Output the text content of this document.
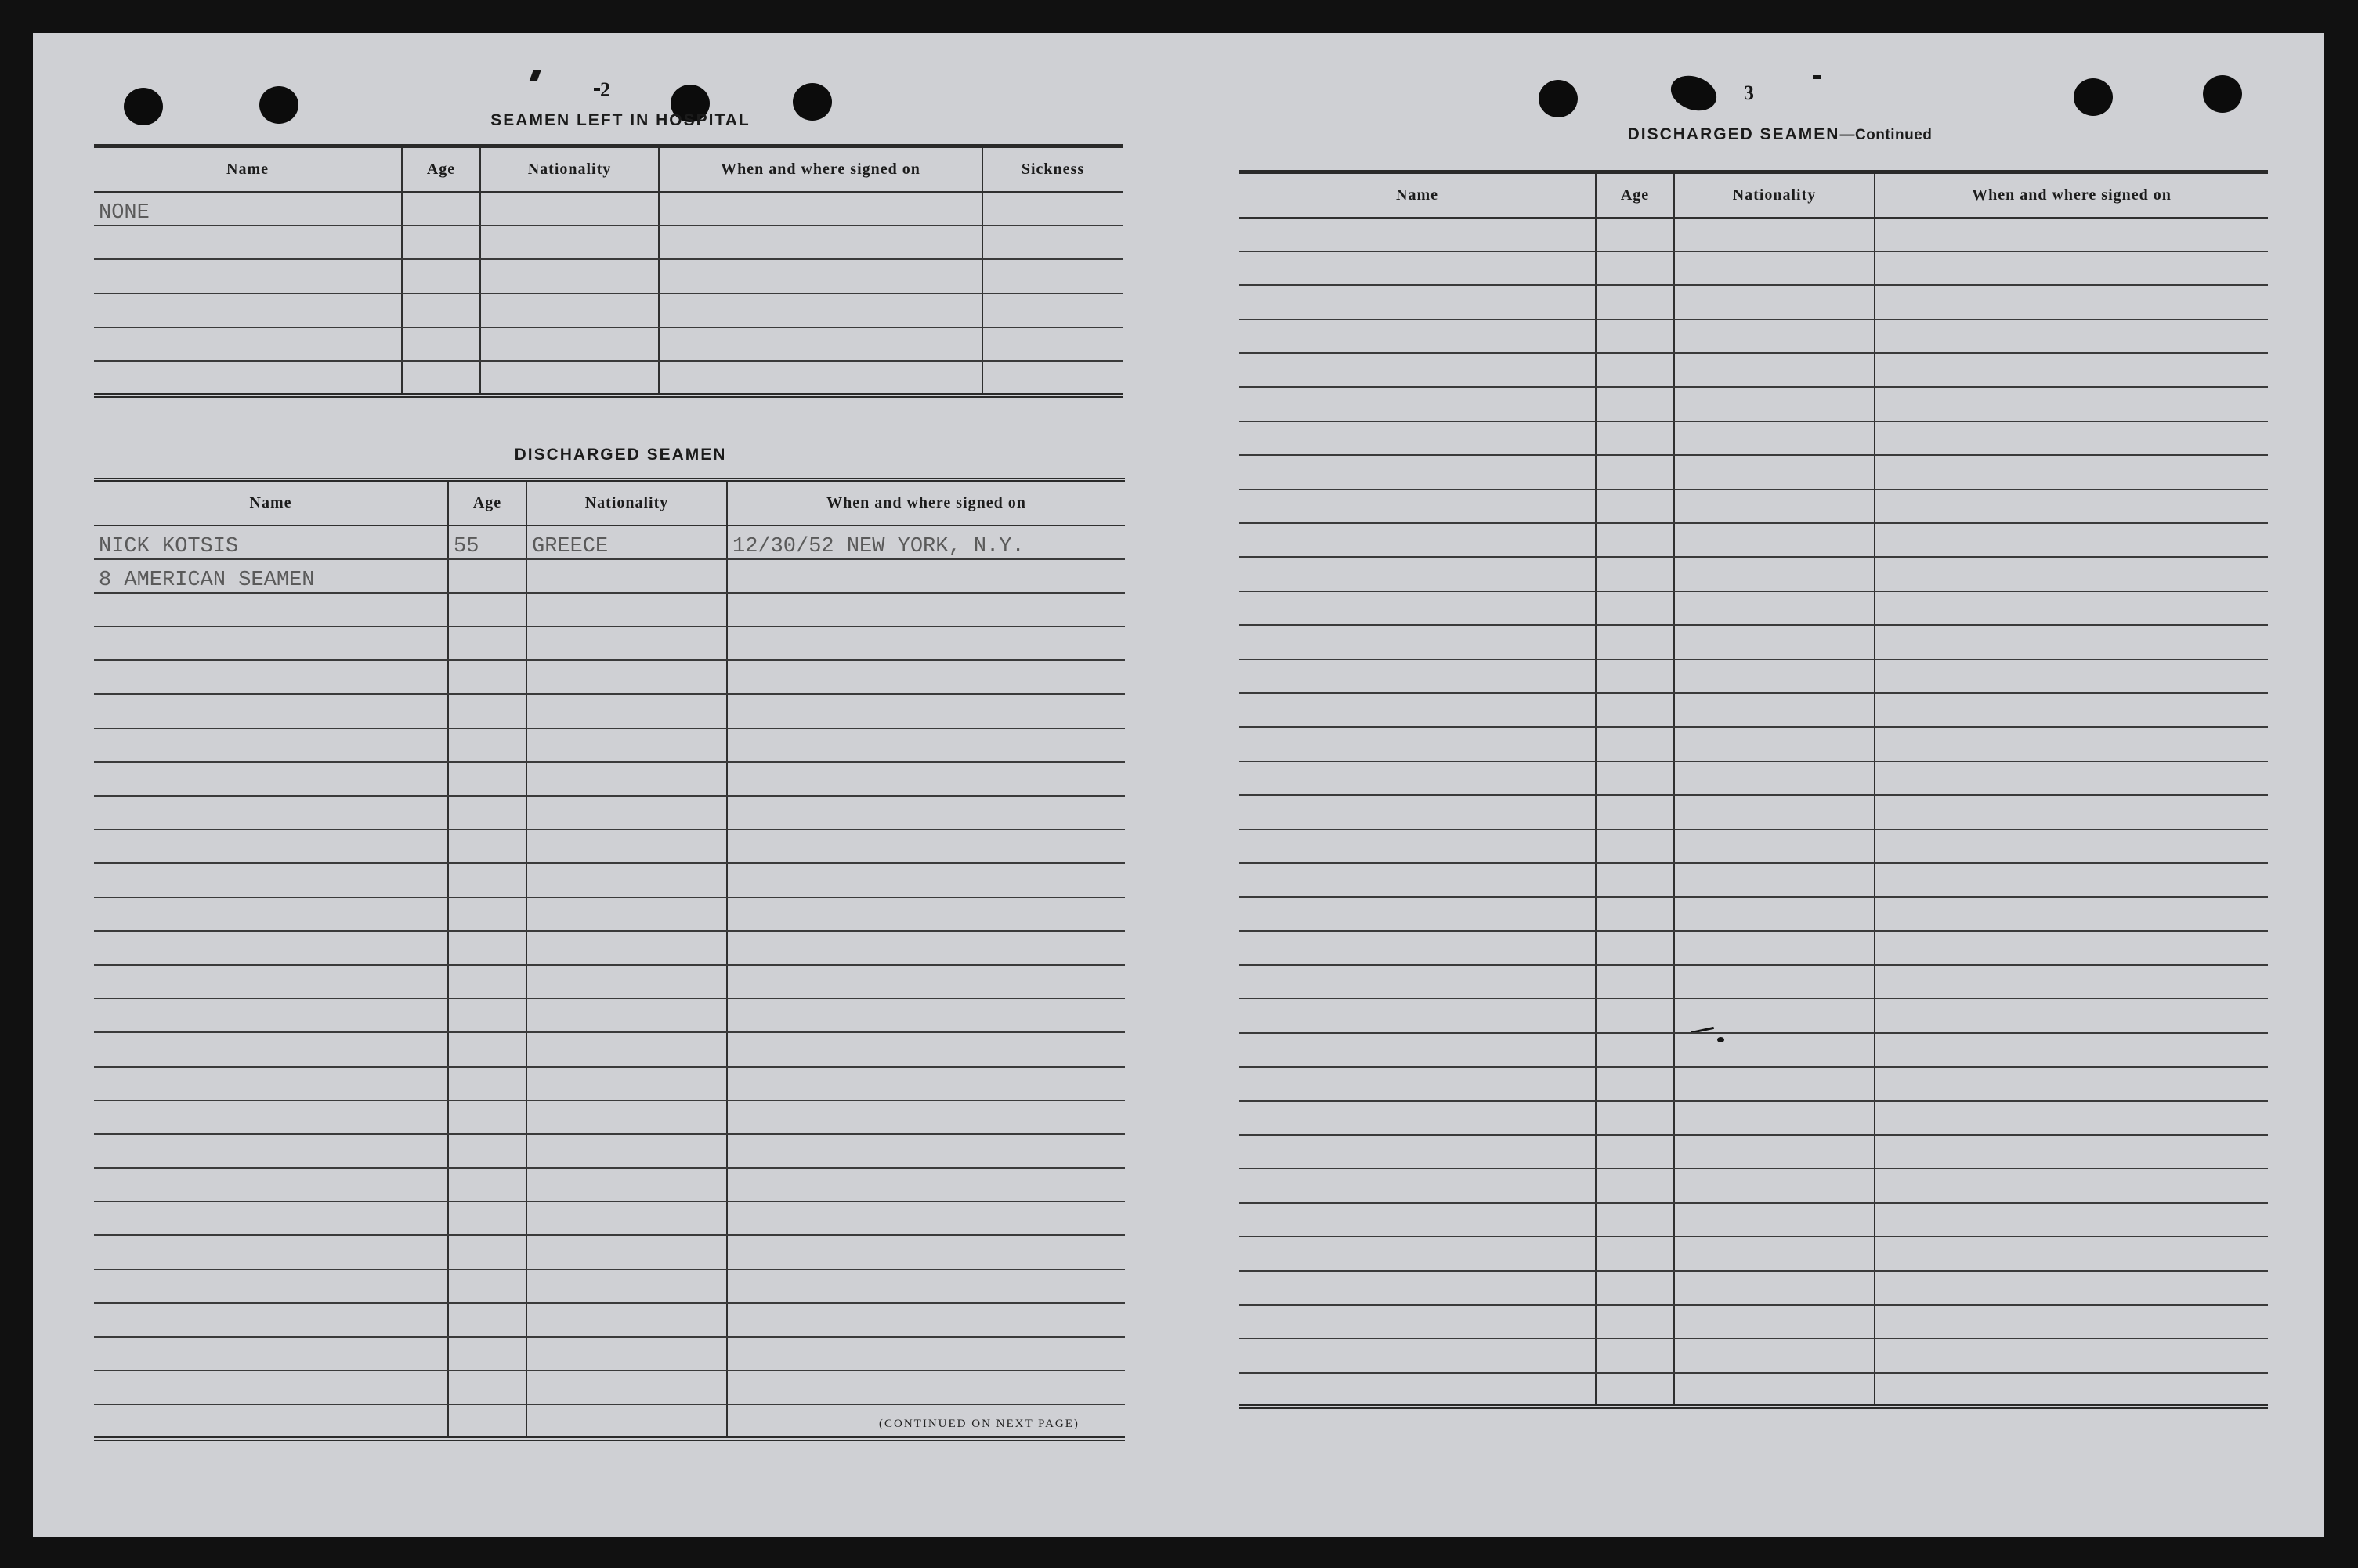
2
SEAMEN LEFT IN HOSPITAL
Name	Age	Nationality	When and where signed on	Sickness
NONE				

DISCHARGED SEAMEN
Name	Age	Nationality	When and where signed on
NICK KOTSIS	55	GREECE	12/30/52 NEW YORK, N.Y.
8 AMERICAN SEAMEN			

(CONTINUED ON NEXT PAGE)
3
DISCHARGED SEAMEN—Continued
Name	Age	Nationality	When and where signed on
